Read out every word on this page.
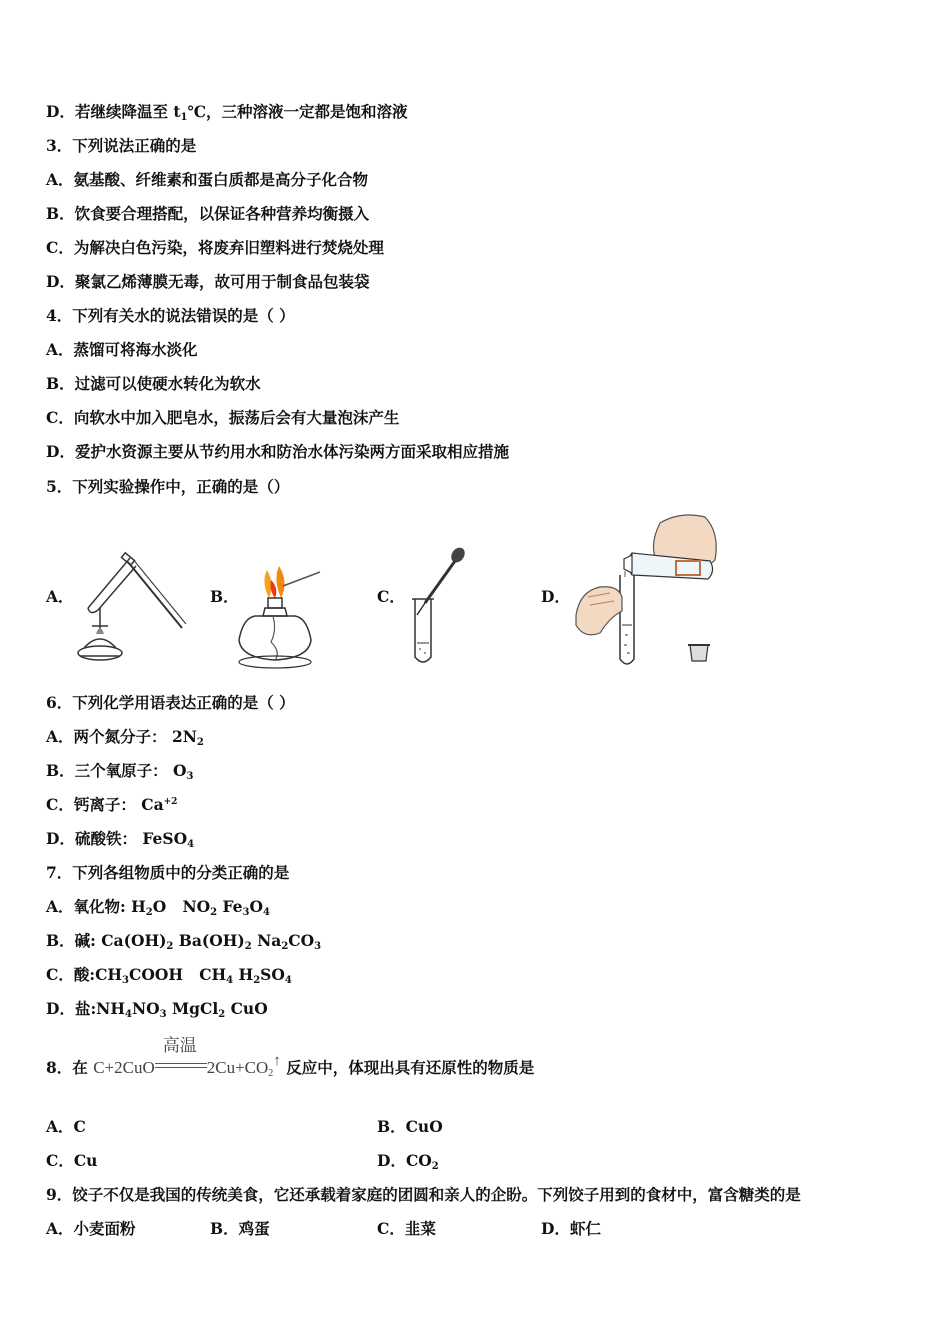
D．若继续降温至 $t_1℃$，三种溶液一定都是饱和溶液
3．下列说法正确的是
A．氨基酸、纤维素和蛋白质都是高分子化合物
B．饮食要合理搭配，以保证各种营养均衡摄入
C．为解决白色污染，将废弃旧塑料进行焚烧处理
D．聚氯乙烯薄膜无毒，故可用于制食品包装袋
4．下列有关水的说法错误的是（ ）
A．蒸馏可将海水淡化
B．过滤可以使硬水转化为软水
C．向软水中加入肥皂水，振荡后会有大量泡沫产生
D．爱护水资源主要从节约用水和防治水体污染两方面采取相应措施
5．下列实验操作中，正确的是（）
A．	B．	C．	D．
6．下列化学用语表达正确的是（ ）
A．两个氮分子： $2N_2$
B．三个氧原子： $O_3$
C．钙离子： $Ca^{+2}$
D．硫酸铁： FeSO$_4$
7．下列各组物质中的分类正确的是
A．氧化物: $H_2O$   $NO_2$ $Fe_3O_4$
B．碱: $Ca(OH)_2$ $Ba(OH)_2$ $Na_2CO_3$
C．酸$:CH_3COOH$   $CH_4$ $H_2SO_4$
D．盐$:NH_4NO_3$ MgCl$_2$ CuO
8．在 C+2CuO
高温
$2Cu+CO_2↑$ 反应中，体现出具有还原性的物质是
A．C	B．CuO
C．Cu	D．$CO_2$
9．饺子不仅是我国的传统美食，它还承载着家庭的团圆和亲人的企盼。下列饺子用到的食材中，富含糖类的是
A．小麦面粉	B．鸡蛋	C．韭菜	D．虾仁
